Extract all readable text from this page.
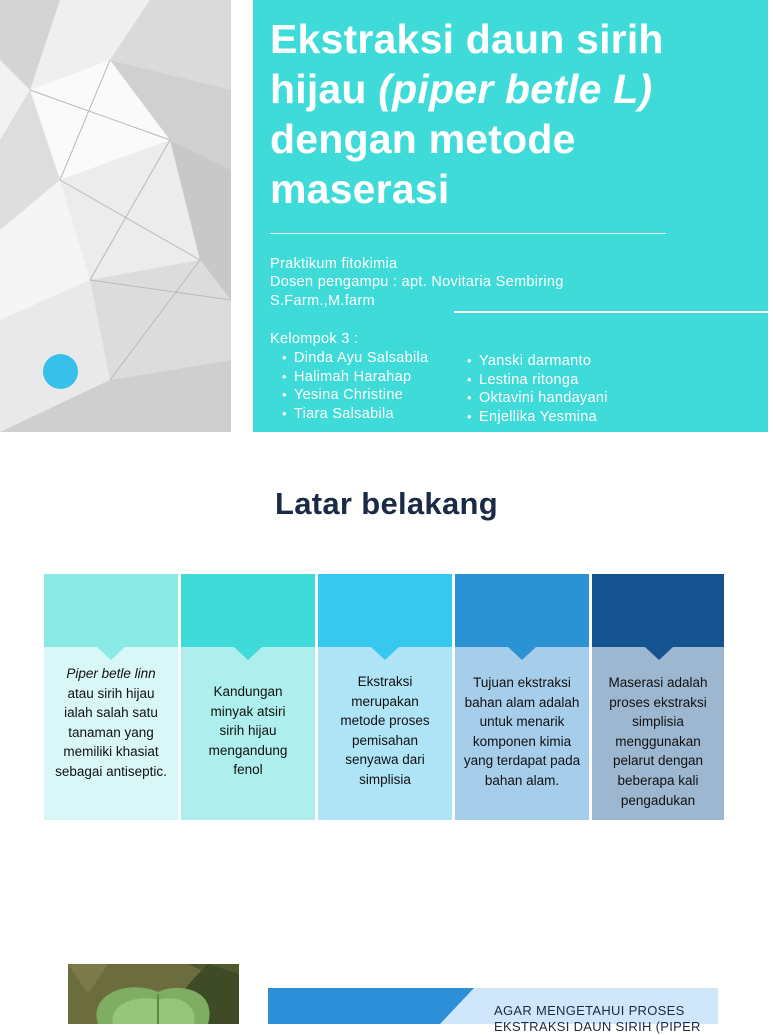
Ekstraksi daun sirih hijau (piper betle L) dengan metode maserasi
Praktikum fitokimia
Dosen pengampu : apt. Novitaria Sembiring
S.Farm.,M.farm
Kelompok 3 :
• Dinda Ayu Salsabila
• Halimah Harahap
• Yesina Christine
• Tiara Salsabila
• Yanski darmanto
• Lestina ritonga
• Oktavini handayani
• Enjellika Yesmina
Latar belakang
Piper betle linn
atau sirih hijau ialah salah satu tanaman yang memiliki khasiat sebagai antiseptic.
Kandungan minyak atsiri sirih hijau mengandung fenol
Ekstraksi merupakan metode proses pemisahan senyawa dari simplisia
Tujuan ekstraksi bahan alam adalah untuk menarik komponen kimia yang terdapat pada bahan alam.
Maserasi adalah proses ekstraksi simplisia menggunakan pelarut dengan beberapa kali pengadukan
AGAR MENGETAHUI PROSES EKSTRAKSI DAUN SIRIH (PIPER
